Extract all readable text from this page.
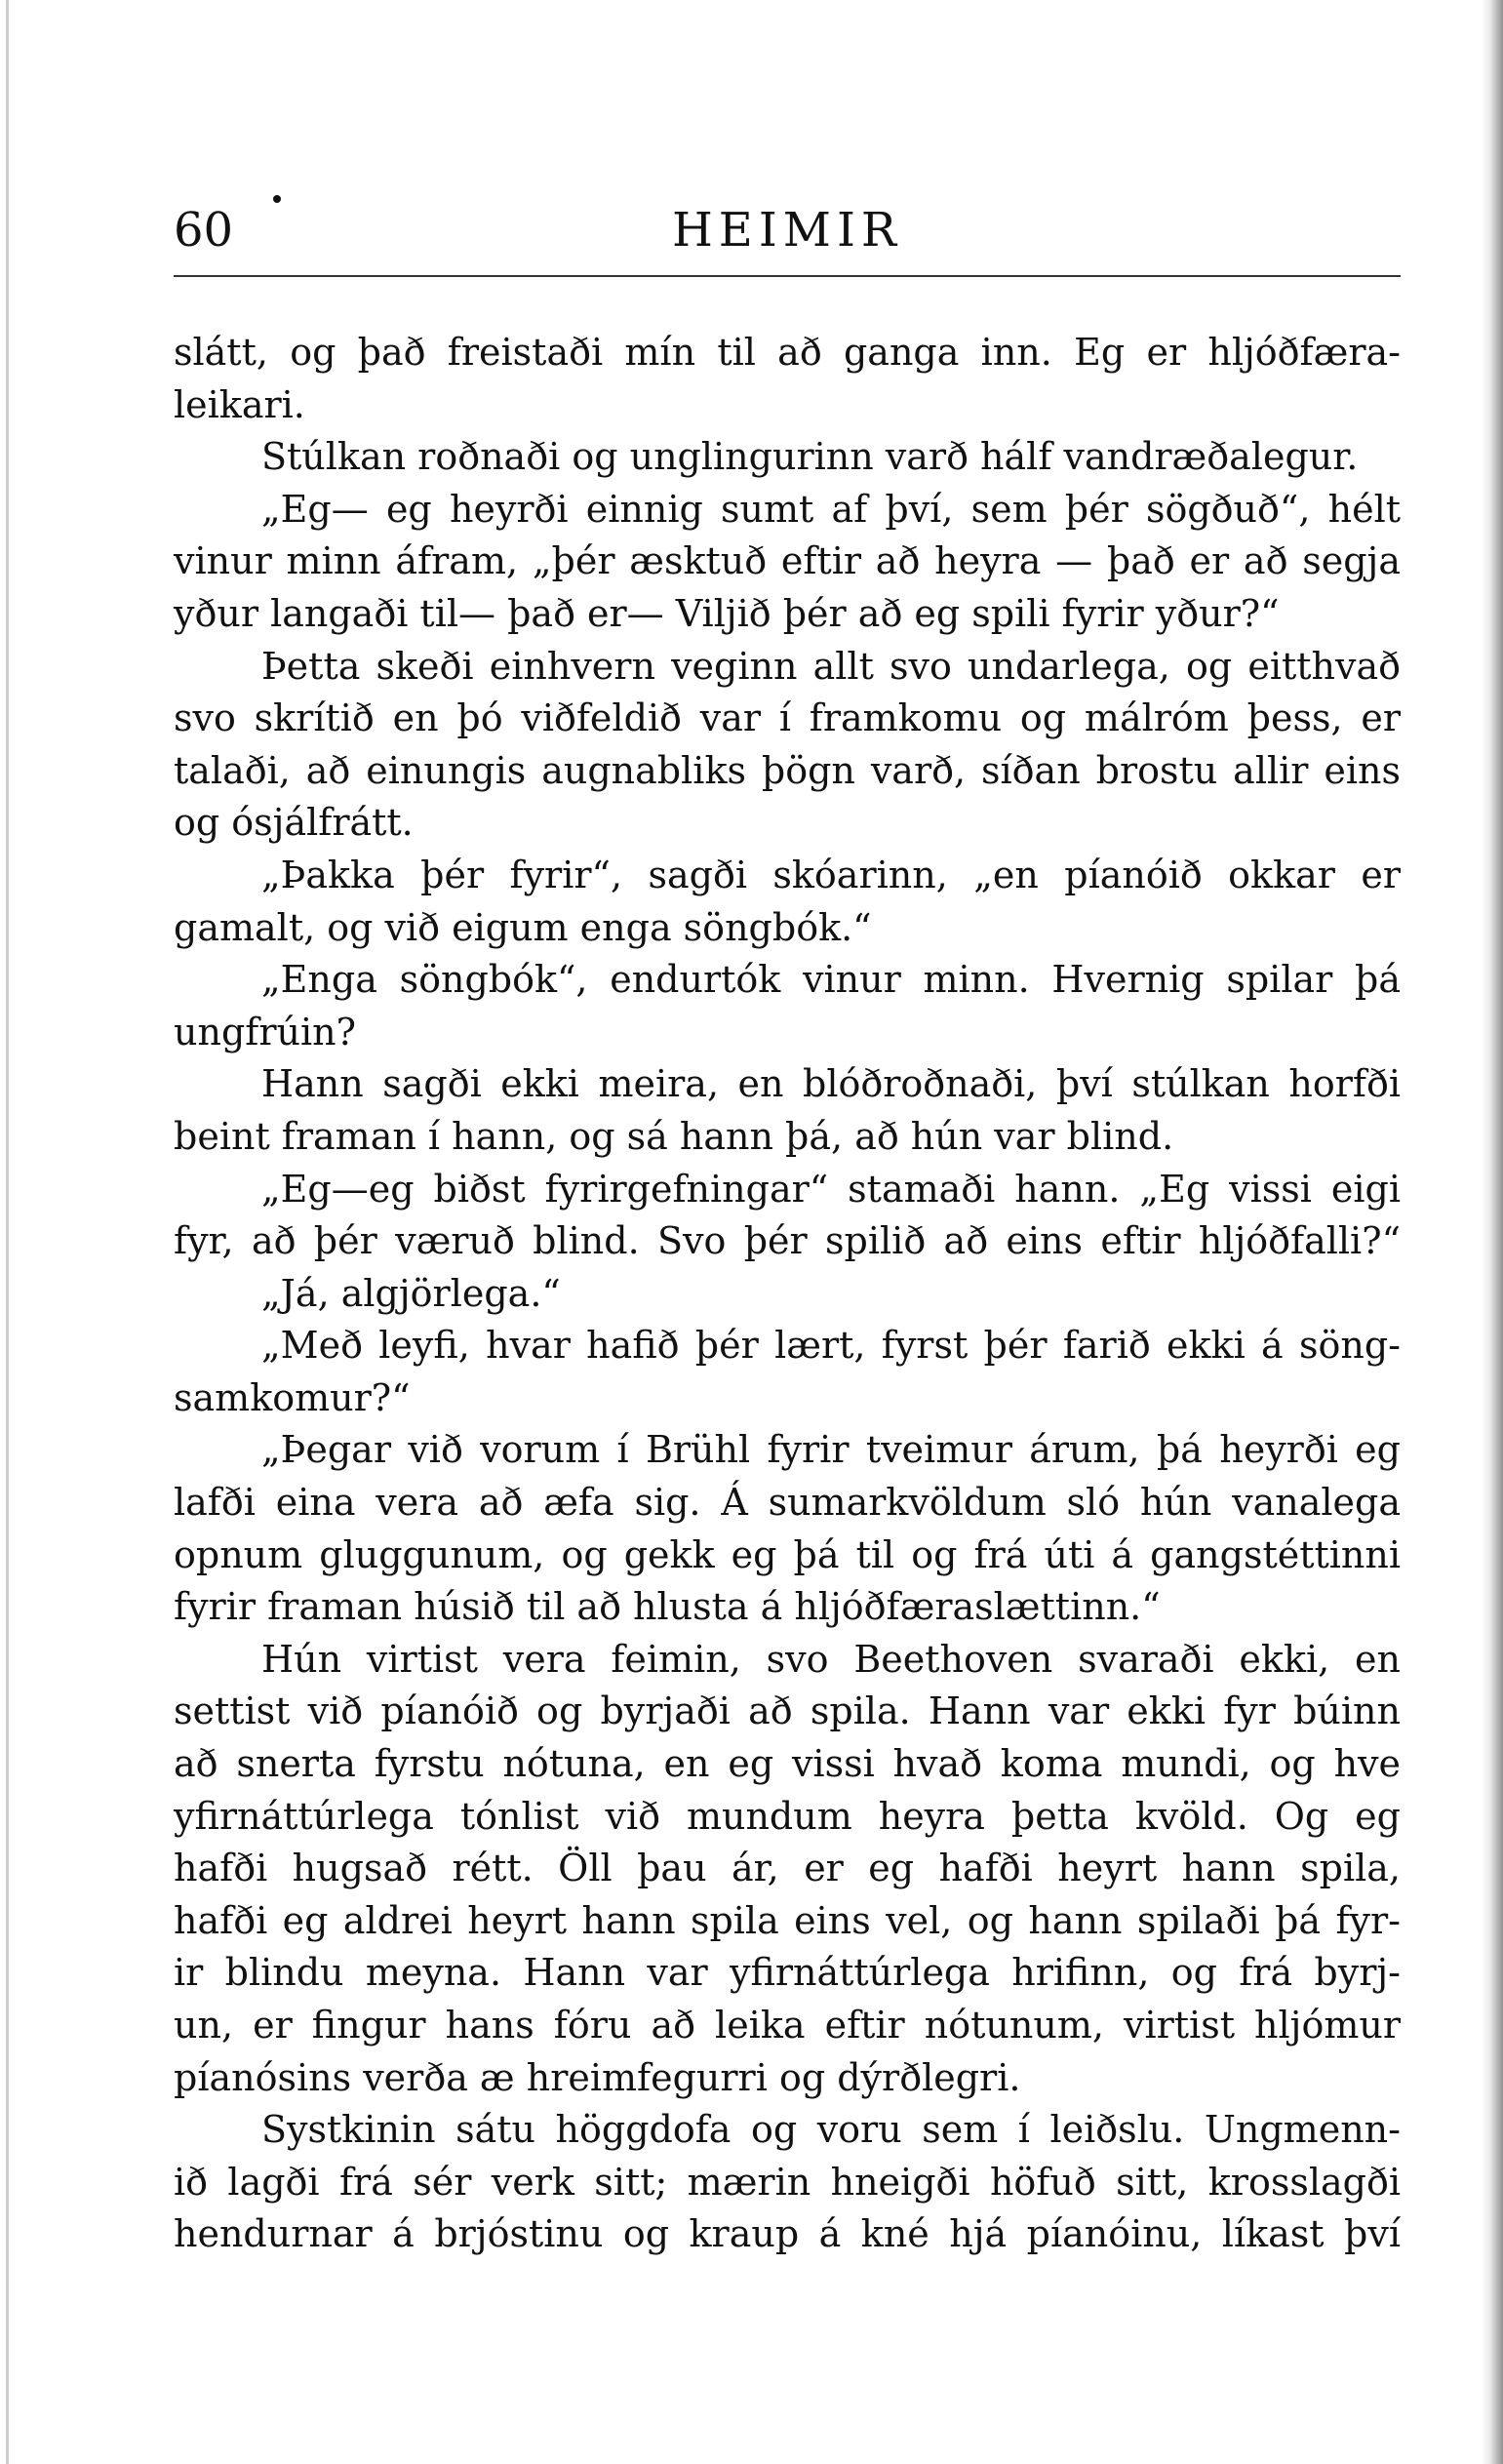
60	HEIMIR
slátt, og það freistaði mín til að ganga inn. Eg er hljóðfæra-
leikari.
Stúlkan roðnaði og unglingurinn varð hálf vandræðalegur.
„Eg— eg heyrði einnig sumt af því, sem þér sögðuð“, hélt
vinur minn áfram, „þér æsktuð eftir að heyra — það er að segja
yður langaði til— það er— Viljið þér að eg spili fyrir yður?“
Þetta skeði einhvern veginn allt svo undarlega, og eitthvað
svo skrítið en þó viðfeldið var í framkomu og málróm þess, er
talaði, að einungis augnabliks þögn varð, síðan brostu allir eins
og ósjálfrátt.
„Þakka þér fyrir“, sagði skóarinn, „en píanóið okkar er
gamalt, og við eigum enga söngbók.“
„Enga söngbók“, endurtók vinur minn. Hvernig spilar þá
ungfrúin?
Hann sagði ekki meira, en blóðroðnaði, því stúlkan horfði
beint framan í hann, og sá hann þá, að hún var blind.
„Eg—eg biðst fyrirgefningar“ stamaði hann. „Eg vissi eigi
fyr, að þér væruð blind. Svo þér spilið að eins eftir hljóðfalli?“
„Já, algjörlega.“
„Með leyfi, hvar hafið þér lært, fyrst þér farið ekki á söng-
samkomur?“
„Þegar við vorum í Brühl fyrir tveimur árum, þá heyrði eg
lafði eina vera að æfa sig. Á sumarkvöldum sló hún vanalega
opnum gluggunum, og gekk eg þá til og frá úti á gangstéttinni
fyrir framan húsið til að hlusta á hljóðfæraslættinn.“
Hún virtist vera feimin, svo Beethoven svaraði ekki, en
settist við píanóið og byrjaði að spila. Hann var ekki fyr búinn
að snerta fyrstu nótuna, en eg vissi hvað koma mundi, og hve
yfirnáttúrlega tónlist við mundum heyra þetta kvöld. Og eg
hafði hugsað rétt. Öll þau ár, er eg hafði heyrt hann spila,
hafði eg aldrei heyrt hann spila eins vel, og hann spilaði þá fyr-
ir blindu meyna. Hann var yfirnáttúrlega hrifinn, og frá byrj-
un, er fingur hans fóru að leika eftir nótunum, virtist hljómur
píanósins verða æ hreimfegurri og dýrðlegri.
Systkinin sátu höggdofa og voru sem í leiðslu. Ungmenn-
ið lagði frá sér verk sitt; mærin hneigði höfuð sitt, krosslagði
hendurnar á brjóstinu og kraup á kné hjá píanóinu, líkast því
